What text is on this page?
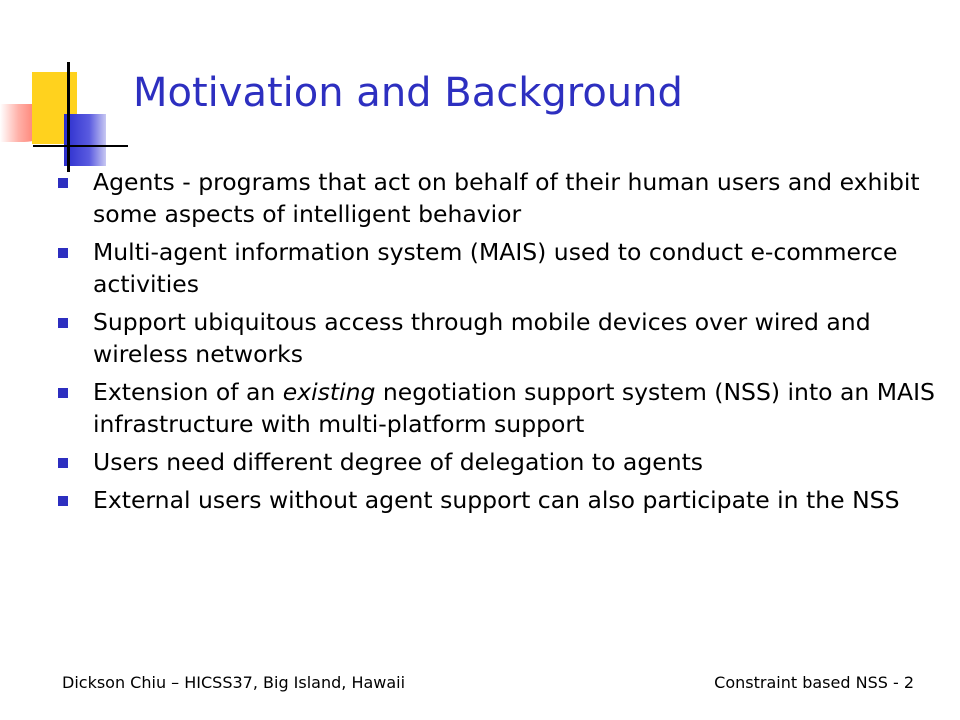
Motivation and Background
Agents - programs that act on behalf of their human users and exhibit some aspects of intelligent behavior
Multi-agent information system (MAIS) used to conduct e-commerce activities
Support ubiquitous access through mobile devices over wired and wireless networks
Extension of an existing negotiation support system (NSS) into an MAIS infrastructure with multi-platform support
Users need different degree of delegation to agents
External users without agent support can also participate in the NSS
Dickson Chiu – HICSS37, Big Island, Hawaii	Constraint based NSS - 2
